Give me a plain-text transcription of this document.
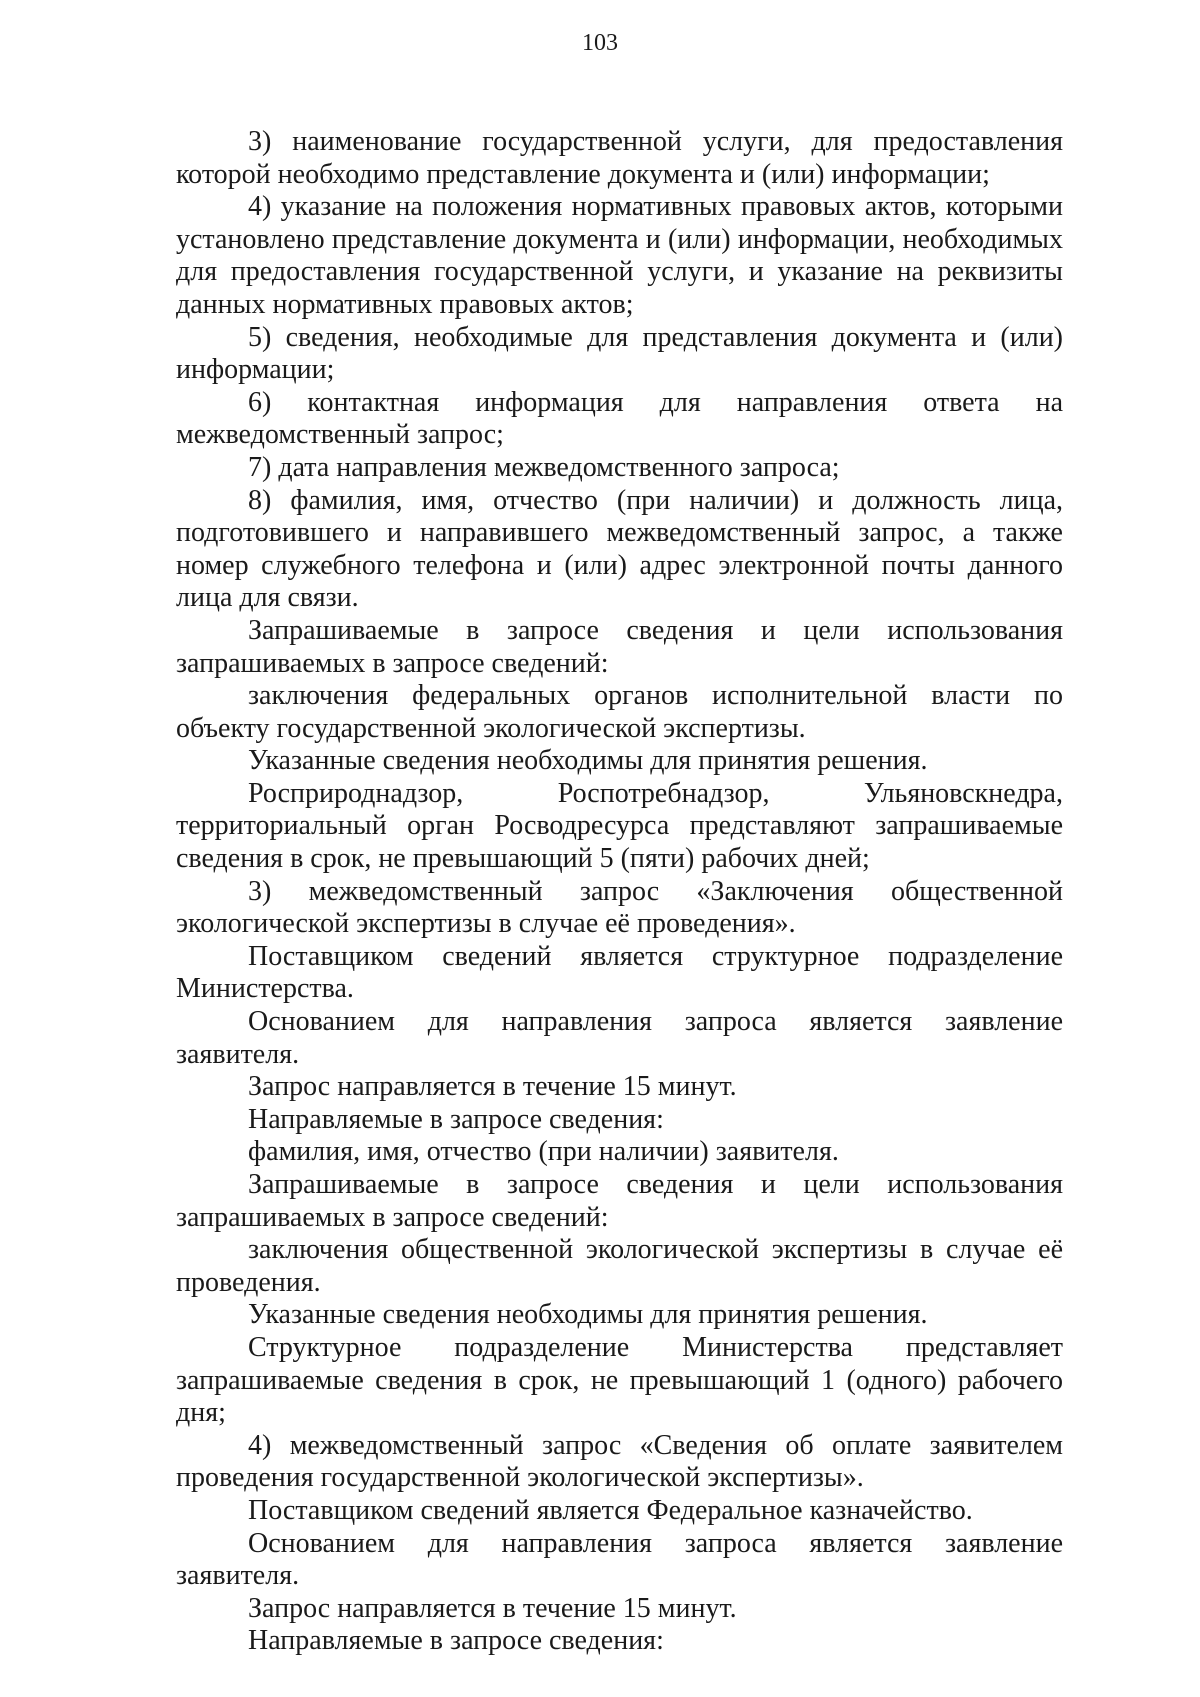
103

3) наименование государственной услуги, для предоставления которой необходимо представление документа и (или) информации;

4) указание на положения нормативных правовых актов, которыми установлено представление документа и (или) информации, необходимых для предоставления государственной услуги, и указание на реквизиты данных нормативных правовых актов;

5) сведения, необходимые для представления документа и (или) информации;

6) контактная информация для направления ответа на межведомственный запрос;

7) дата направления межведомственного запроса;

8) фамилия, имя, отчество (при наличии) и должность лица, подготовившего и направившего межведомственный запрос, а также номер служебного телефона и (или) адрес электронной почты данного лица для связи.

Запрашиваемые в запросе сведения и цели использования запрашиваемых в запросе сведений:

заключения федеральных органов исполнительной власти по объекту государственной экологической экспертизы.

Указанные сведения необходимы для принятия решения.

Росприроднадзор, Роспотребнадзор, Ульяновскнедра, территориальный орган Росводресурса представляют запрашиваемые сведения в срок, не превышающий 5 (пяти) рабочих дней;

3) межведомственный запрос «Заключения общественной экологической экспертизы в случае её проведения».

Поставщиком сведений является структурное подразделение Министерства.

Основанием для направления запроса является заявление заявителя.

Запрос направляется в течение 15 минут.

Направляемые в запросе сведения:

фамилия, имя, отчество (при наличии) заявителя.

Запрашиваемые в запросе сведения и цели использования запрашиваемых в запросе сведений:

заключения общественной экологической экспертизы в случае её проведения.

Указанные сведения необходимы для принятия решения.

Структурное подразделение Министерства представляет запрашиваемые сведения в срок, не превышающий 1 (одного) рабочего дня;

4) межведомственный запрос «Сведения об оплате заявителем проведения государственной экологической экспертизы».

Поставщиком сведений является Федеральное казначейство.

Основанием для направления запроса является заявление заявителя.

Запрос направляется в течение 15 минут.

Направляемые в запросе сведения:
